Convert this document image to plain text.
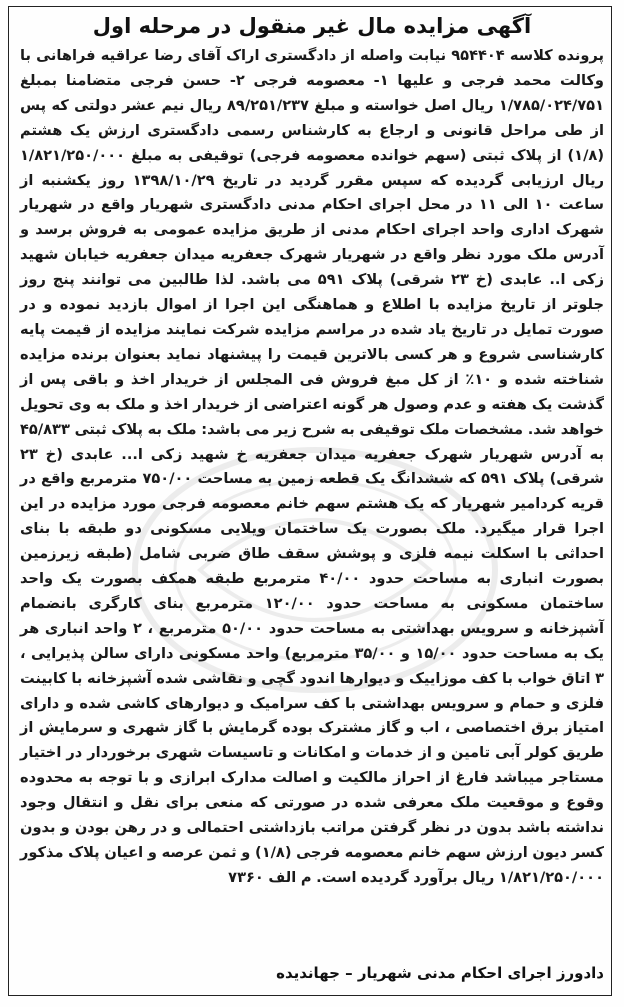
آگهی مزایده مال غیر منقول در مرحله اول

پرونده کلاسه ۹۵۴۴۰۴ نیابت واصله از دادگستری اراک آقای رضا عراقیه فراهانی با وکالت محمد فرجی و علیها ۱- معصومه فرجی ۲- حسن فرجی متضامنا بمبلغ ۱/۷۸۵/۰۲۴/۷۵۱ ریال اصل خواسته و مبلغ ۸۹/۲۵۱/۲۳۷ ریال نیم عشر دولتی که پس از طی مراحل قانونی و ارجاع به کارشناس رسمی دادگستری ارزش یک هشتم (۱/۸) از پلاک ثبتی (سهم خوانده معصومه فرجی) توقیفی به مبلغ ۱/۸۲۱/۲۵۰/۰۰۰ ریال ارزیابی گردیده که سپس مقرر گردید در تاریخ ۱۳۹۸/۱۰/۲۹ روز یکشنبه از ساعت ۱۰ الی ۱۱ در محل اجرای احکام مدنی دادگستری شهریار واقع در شهریار شهرک اداری واحد اجرای احکام مدنی از طریق مزایده عمومی به فروش برسد و آدرس ملک مورد نظر واقع در شهریار شهرک جعفریه میدان جعفریه خیابان شهید زکی ا.. عابدی (خ ۲۳ شرقی) پلاک ۵۹۱ می باشد. لذا طالبین می توانند پنج روز جلوتر از تاریخ مزایده با اطلاع و هماهنگی این اجرا از اموال بازدید نموده و در صورت تمایل در تاریخ یاد شده در مراسم مزایده شرکت نمایند مزایده از قیمت پایه کارشناسی شروع و هر کسی بالاترین قیمت را پیشنهاد نماید بعنوان برنده مزایده شناخته شده و ۱۰٪ از کل مبغ فروش فی المجلس از خریدار اخذ و باقی پس از گذشت یک هفته و عدم وصول هر گونه اعتراضی از خریدار اخذ و ملک به وی تحویل خواهد شد. مشخصات ملک توقیفی به شرح زیر می باشد: ملک به پلاک ثبتی ۴۵/۸۳۳ به آدرس شهریار شهرک جعفریه میدان جعفریه خ شهید زکی ا... عابدی (خ ۲۳ شرقی) پلاک ۵۹۱ که ششدانگ یک قطعه زمین به مساحت ۷۵۰/۰۰ مترمربع واقع در قریه کردامیر شهریار که یک هشتم سهم خانم معصومه فرجی مورد مزایده در این اجرا قرار میگیرد. ملک بصورت یک ساختمان ویلایی مسکونی دو طبقه با بنای احداثی با اسکلت نیمه فلزی و پوشش سقف طاق ضربی شامل (طبقه زیرزمین بصورت انباری به مساحت حدود ۴۰/۰۰ مترمربع طبقه همکف بصورت یک واحد ساختمان مسکونی به مساحت حدود ۱۲۰/۰۰ مترمربع بنای کارگری بانضمام آشپزخانه و سرویس بهداشتی به مساحت حدود ۵۰/۰۰ مترمربع ، ۲ واحد انباری هر یک به مساحت حدود ۱۵/۰۰ و ۳۵/۰۰ مترمربع) واحد مسکونی دارای سالن پذیرایی ، ۳ اتاق خواب با کف موزاییک و دیوارها اندود گچی و نقاشی شده آشپزخانه با کابینت فلزی و حمام و سرویس بهداشتی با کف سرامیک و دیوارهای کاشی شده و دارای امتیاز برق اختصاصی ، اب و گاز مشترک بوده گرمایش با گاز شهری و سرمایش از طریق کولر آبی تامین و از خدمات و امکانات و تاسیسات شهری برخوردار در اختیار مستاجر میباشد فارغ از احراز مالکیت و اصالت مدارک ابرازی و با توجه به محدوده وقوع و موقعیت ملک معرفی شده در صورتی که منعی برای نقل و انتقال وجود نداشته باشد بدون در نظر گرفتن مراتب بازداشتی احتمالی و در رهن بودن و بدون کسر دیون ارزش سهم خانم معصومه فرجی (۱/۸) و ثمن عرصه و اعیان پلاک مذکور ۱/۸۲۱/۲۵۰/۰۰۰ ریال برآورد گردیده است. م الف ۷۳۶۰

دادورز اجرای احکام مدنی شهریار – جهاندیده
